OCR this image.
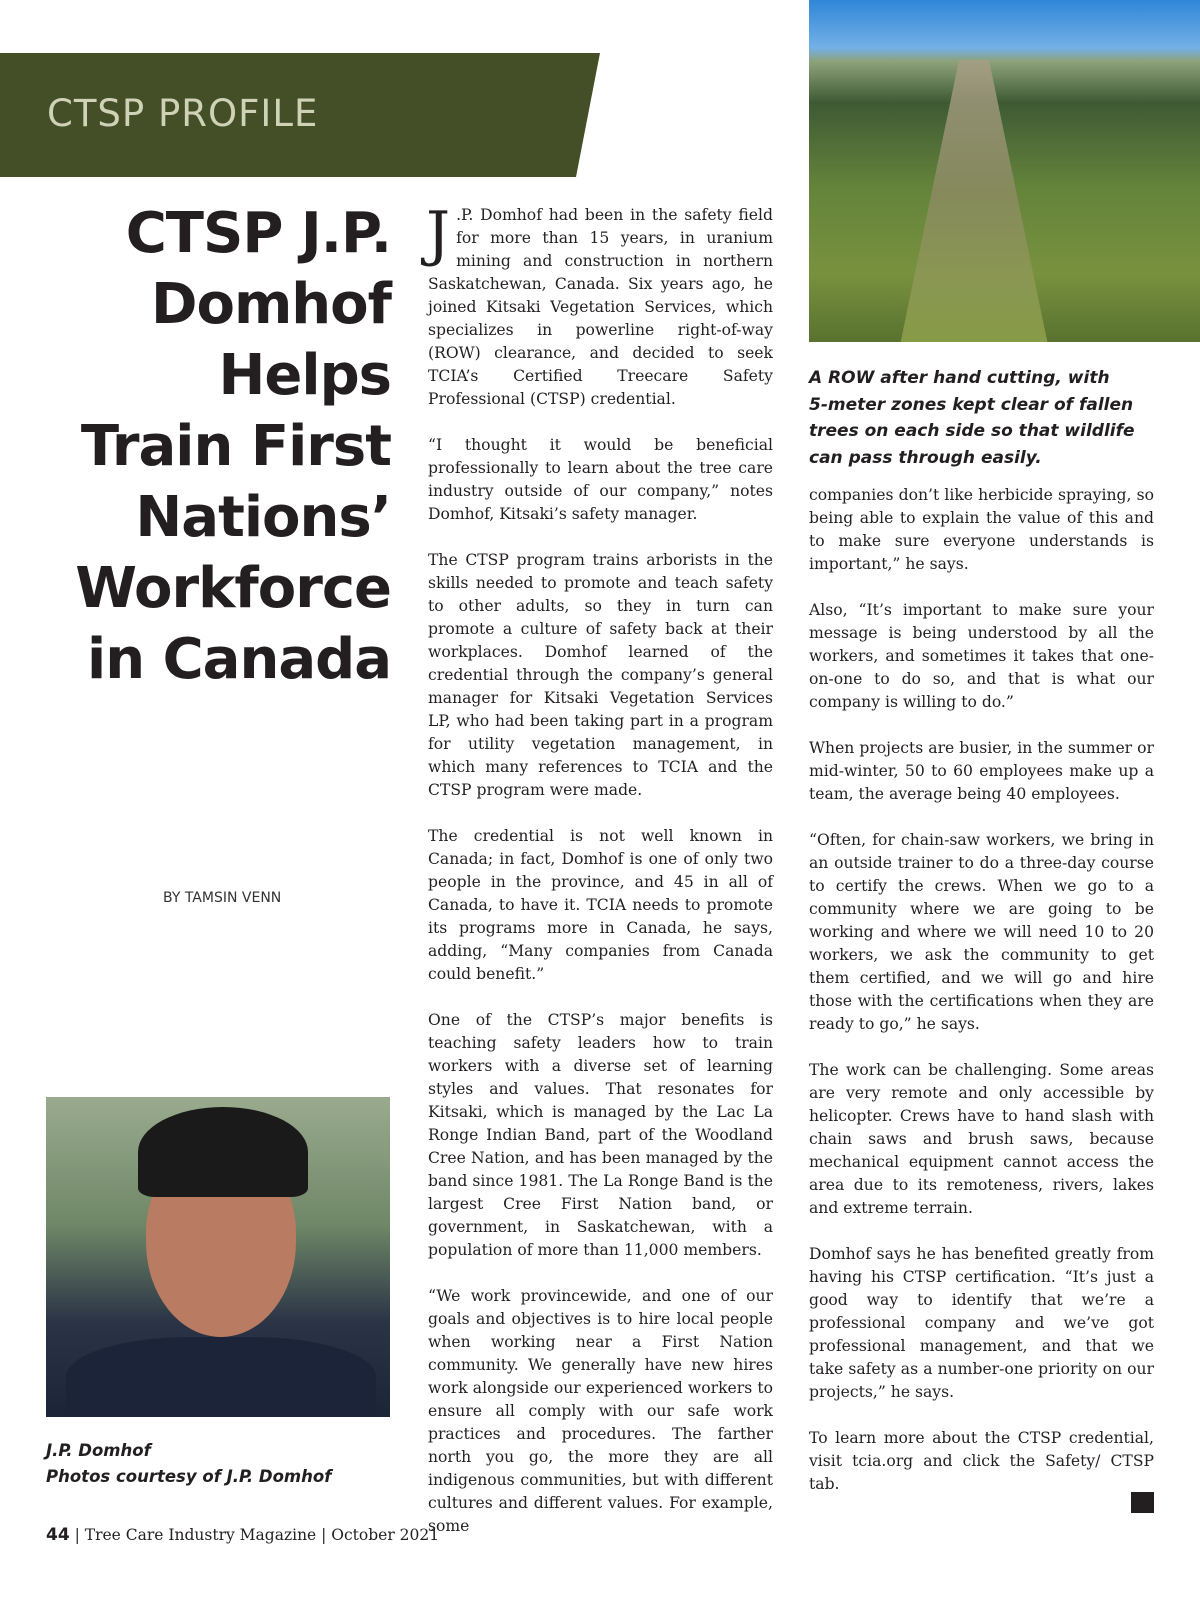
CTSP PROFILE
CTSP J.P.
Domhof
Helps
Train First
Nations’
Workforce
in Canada
BY TAMSIN VENN
J.P. Domhof
Photos courtesy of J.P. Domhof

J .P. Domhof had been in the safety field for more than 15 years, in uranium mining and construction in northern Saskatchewan, Canada. Six years ago, he joined Kitsaki Vegetation Services, which specializes in powerline right-of-way (ROW) clearance, and decided to seek TCIA’s Certified Treecare Safety Professional (CTSP) credential.

“I thought it would be beneficial professionally to learn about the tree care industry outside of our company,” notes Domhof, Kitsaki’s safety manager.

The CTSP program trains arborists in the skills needed to promote and teach safety to other adults, so they in turn can promote a culture of safety back at their workplaces. Domhof learned of the credential through the company’s general manager for Kitsaki Vegetation Services LP, who had been taking part in a program for utility vegetation management, in which many references to TCIA and the CTSP program were made.

The credential is not well known in Canada; in fact, Domhof is one of only two people in the province, and 45 in all of Canada, to have it. TCIA needs to promote its programs more in Canada, he says, adding, “Many companies from Canada could benefit.”

One of the CTSP’s major benefits is teaching safety leaders how to train workers with a diverse set of learning styles and values. That resonates for Kitsaki, which is managed by the Lac La Ronge Indian Band, part of the Woodland Cree Nation, and has been managed by the band since 1981. The La Ronge Band is the largest Cree First Nation band, or government, in Saskatchewan, with a population of more than 11,000 members.

“We work provincewide, and one of our goals and objectives is to hire local people when working near a First Nation community. We generally have new hires work alongside our experienced workers to ensure all comply with our safe work practices and procedures. The farther north you go, the more they are all indigenous communities, but with different cultures and different values. For example, some

A ROW after hand cutting, with
5-meter zones kept clear of fallen
trees on each side so that wildlife
can pass through easily.

companies don’t like herbicide spraying, so being able to explain the value of this and to make sure everyone understands is important,” he says.

Also, “It’s important to make sure your message is being understood by all the workers, and sometimes it takes that one-on-one to do so, and that is what our company is willing to do.”

When projects are busier, in the summer or mid-winter, 50 to 60 employees make up a team, the average being 40 employees.

“Often, for chain-saw workers, we bring in an outside trainer to do a three-day course to certify the crews. When we go to a community where we are going to be working and where we will need 10 to 20 workers, we ask the community to get them certified, and we will go and hire those with the certifications when they are ready to go,” he says.

The work can be challenging. Some areas are very remote and only accessible by helicopter. Crews have to hand slash with chain saws and brush saws, because mechanical equipment cannot access the area due to its remoteness, rivers, lakes and extreme terrain.

Domhof says he has benefited greatly from having his CTSP certification. “It’s just a good way to identify that we’re a professional company and we’ve got professional management, and that we take safety as a number-one priority on our projects,” he says.

To learn more about the CTSP credential, visit tcia.org and click the Safety/ CTSP tab.

44 | Tree Care Industry Magazine | October 2021
